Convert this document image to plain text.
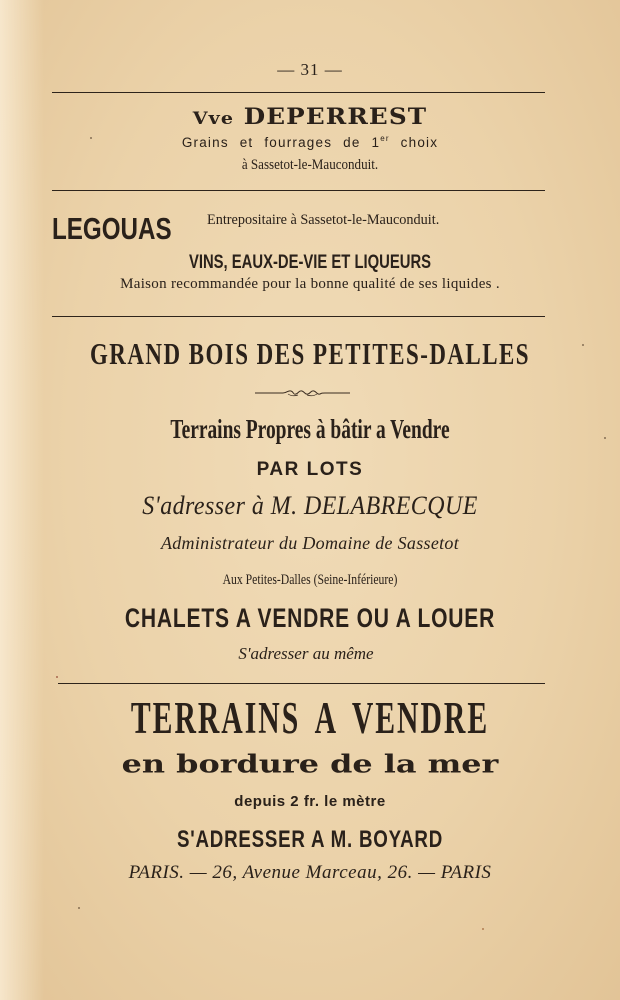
— 31 —
Vve DEPERREST
Grains et fourrages de 1er choix
à Sassetot-le-Mauconduit.
LEGOUAS Entrepositaire à Sassetot-le-Mauconduit.
VINS, EAUX-DE-VIE ET LIQUEURS
Maison recommandée pour la bonne qualité de ses liquides .
GRAND BOIS DES PETITES-DALLES
Terrains Propres à bâtir a Vendre
PAR LOTS
S'adresser à M. DELABRECQUE
Administrateur du Domaine de Sassetot
Aux Petites-Dalles (Seine-Inférieure)
CHALETS A VENDRE OU A LOUER
S'adresser au même
TERRAINS A VENDRE
en bordure de la mer
depuis 2 fr. le mètre
S'ADRESSER A M. BOYARD
PARIS. — 26, Avenue Marceau, 26. — PARIS
